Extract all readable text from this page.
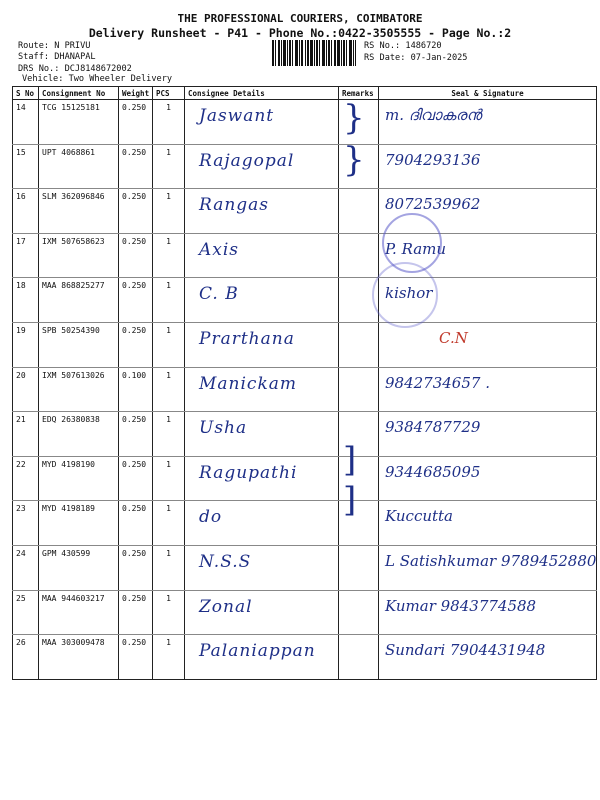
THE PROFESSIONAL COURIERS, COIMBATORE
Delivery Runsheet - P41 - Phone No.:0422-3505555 - Page No.:2
Route: N PRIVU
Staff: DHANAPAL
DRS No.: DCJ8148672002
Vehicle: Two Wheeler Delivery
RS No.: 1486720
RS Date: 07-Jan-2025
S No	Consignment No	Weight	PCS	Consignee Details	Remarks	Seal & Signature
14	TCG 15125181	0.250	1	Jaswant		m. ദിവാകരൻ

15	UPT 4068861	0.250	1	Rajagopal		7904293136

16	SLM 362096846	0.250	1	Rangas		8072539962

17	IXM 507658623	0.250	1	Axis		P. Ramu

18	MAA 868825277	0.250	1	C. B		kishor

19	SPB 50254390	0.250	1	Prarthana		C.N

20	IXM 507613026	0.100	1	Manickam		9842734657 .

21	EDQ 26380838	0.250	1	Usha		9384787729

22	MYD 4198190	0.250	1	Ragupathi		9344685095

23	MYD 4198189	0.250	1	do		Kuccutta

24	GPM 430599	0.250	1	N.S.S		L Satishkumar 9789452880

25	MAA 944603217	0.250	1	Zonal		Kumar 9843774588

26	MAA 303009478	0.250	1	Palaniappan		Sundari 7904431948
}
}
]
]
